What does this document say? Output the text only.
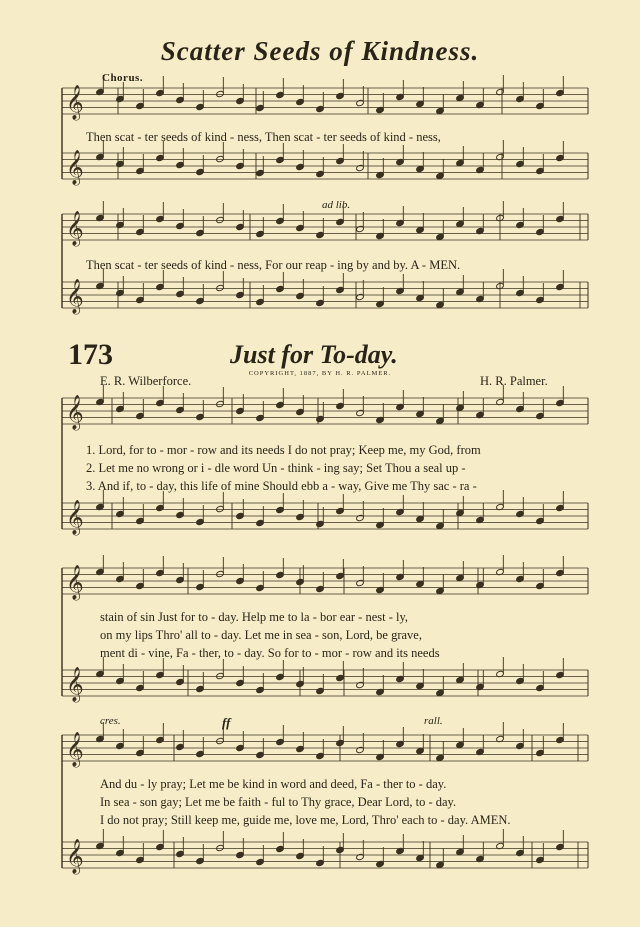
𝄞
𝄞
𝄞
𝄞
𝄞
𝄞
𝄞
𝄞
𝄞
𝄞
Scatter Seeds of Kindness.
Chorus.
Then scat - ter seeds of kind - ness, Then scat - ter seeds of kind - ness,
ad lib.
Then scat - ter seeds of kind - ness, For our reap - ing by and by. A - MEN.
173	Just for To-day.
COPYRIGHT, 1887, BY H. R. PALMER.
E. R. Wilberforce.	H. R. Palmer.
1. Lord, for to - mor - row and its needs I do not pray; Keep me, my God, from
2. Let me no wrong or i - dle word Un - think - ing say; Set Thou a seal up -
3. And if, to - day, this life of mine Should ebb a - way, Give me Thy sac - ra -
stain of sin Just for to - day. Help me to la - bor ear - nest - ly,
on my lips Thro' all to - day. Let me in sea - son, Lord, be grave,
ment di - vine, Fa - ther, to - day. So for to - mor - row and its needs
cres.	ff	rall.
And du - ly pray; Let me be kind in word and deed, Fa - ther to - day.
In sea - son gay; Let me be faith - ful to Thy grace, Dear Lord, to - day.
I do not pray; Still keep me, guide me, love me, Lord, Thro' each to - day. AMEN.
